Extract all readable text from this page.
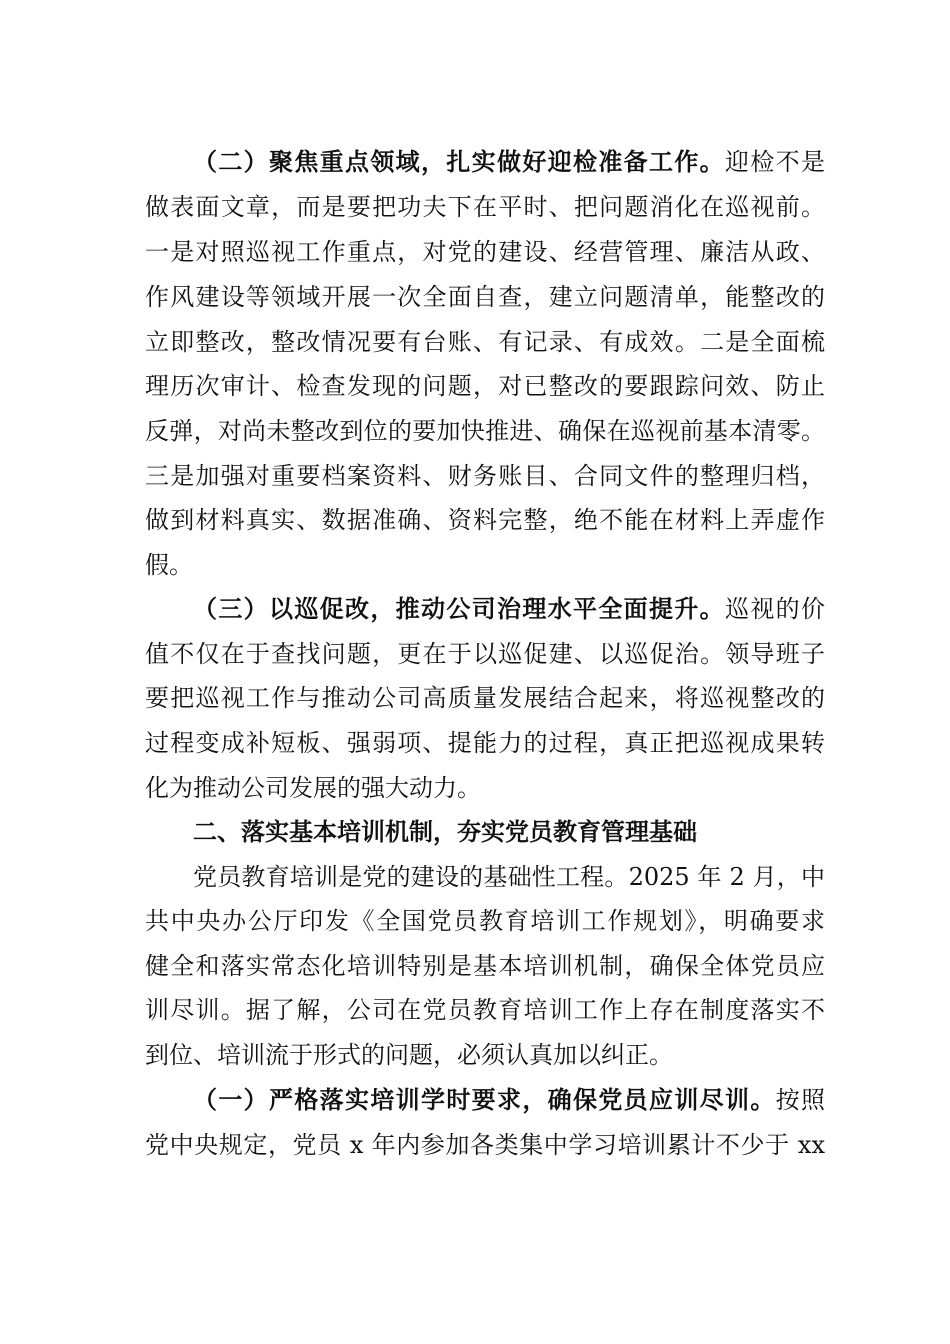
（二）聚焦重点领域，扎实做好迎检准备工作。迎检不是
做表面文章，而是要把功夫下在平时、把问题消化在巡视前。
一是对照巡视工作重点，对党的建设、经营管理、廉洁从政、
作风建设等领域开展一次全面自查，建立问题清单，能整改的
立即整改，整改情况要有台账、有记录、有成效。二是全面梳
理历次审计、检查发现的问题，对已整改的要跟踪问效、防止
反弹，对尚未整改到位的要加快推进、确保在巡视前基本清零。
三是加强对重要档案资料、财务账目、合同文件的整理归档，
做到材料真实、数据准确、资料完整，绝不能在材料上弄虚作
假。
（三）以巡促改，推动公司治理水平全面提升。巡视的价
值不仅在于查找问题，更在于以巡促建、以巡促治。领导班子
要把巡视工作与推动公司高质量发展结合起来，将巡视整改的
过程变成补短板、强弱项、提能力的过程，真正把巡视成果转
化为推动公司发展的强大动力。
二、落实基本培训机制，夯实党员教育管理基础
党员教育培训是党的建设的基础性工程。2025 年 2 月，中
共中央办公厅印发《全国党员教育培训工作规划》，明确要求
健全和落实常态化培训特别是基本培训机制，确保全体党员应
训尽训。据了解，公司在党员教育培训工作上存在制度落实不
到位、培训流于形式的问题，必须认真加以纠正。
（一）严格落实培训学时要求，确保党员应训尽训。按照
党中央规定，党员 x 年内参加各类集中学习培训累计不少于 xx
